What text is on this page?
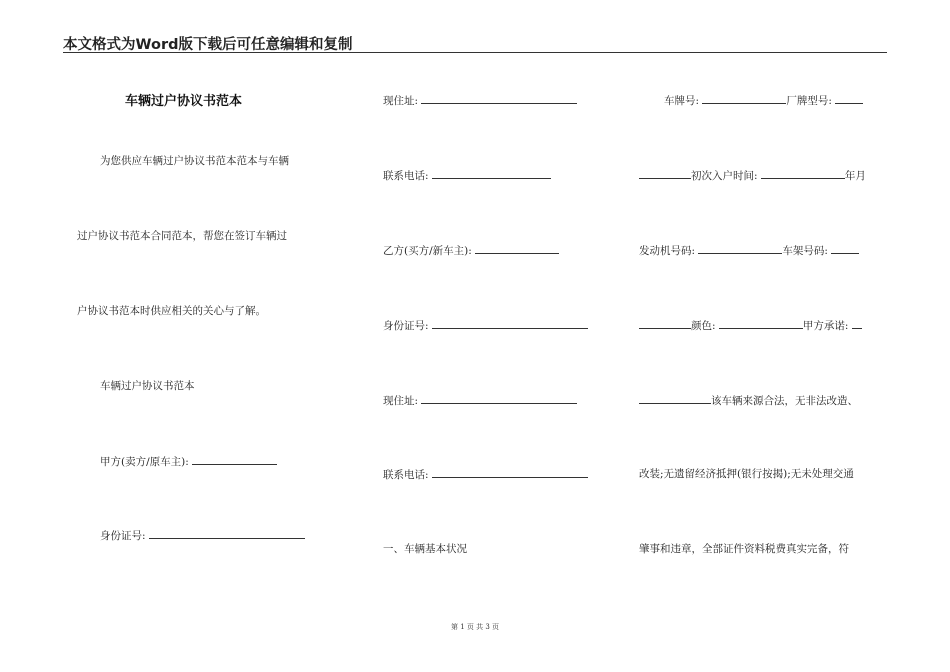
本文格式为Word版下载后可任意编辑和复制
车辆过户协议书范本
为您供应车辆过户协议书范本范本与车辆
过户协议书范本合同范本，帮您在签订车辆过
户协议书范本时供应相关的关心与了解。
车辆过户协议书范本
甲方(卖方/原车主):
身份证号:
现住址:
联系电话:
乙方(买方/新车主):
身份证号:
现住址:
联系电话:
一、车辆基本状况
车牌号:	厂牌型号:
初次入户时间:	年月
发动机号码:	车架号码:
颜色:	甲方承诺:
该车辆来源合法，无非法改造、
改装;无遗留经济抵押(银行按揭);无未处理交通
肇事和违章，全部证件资料税费真实完备，符
第 1 页 共 3 页
